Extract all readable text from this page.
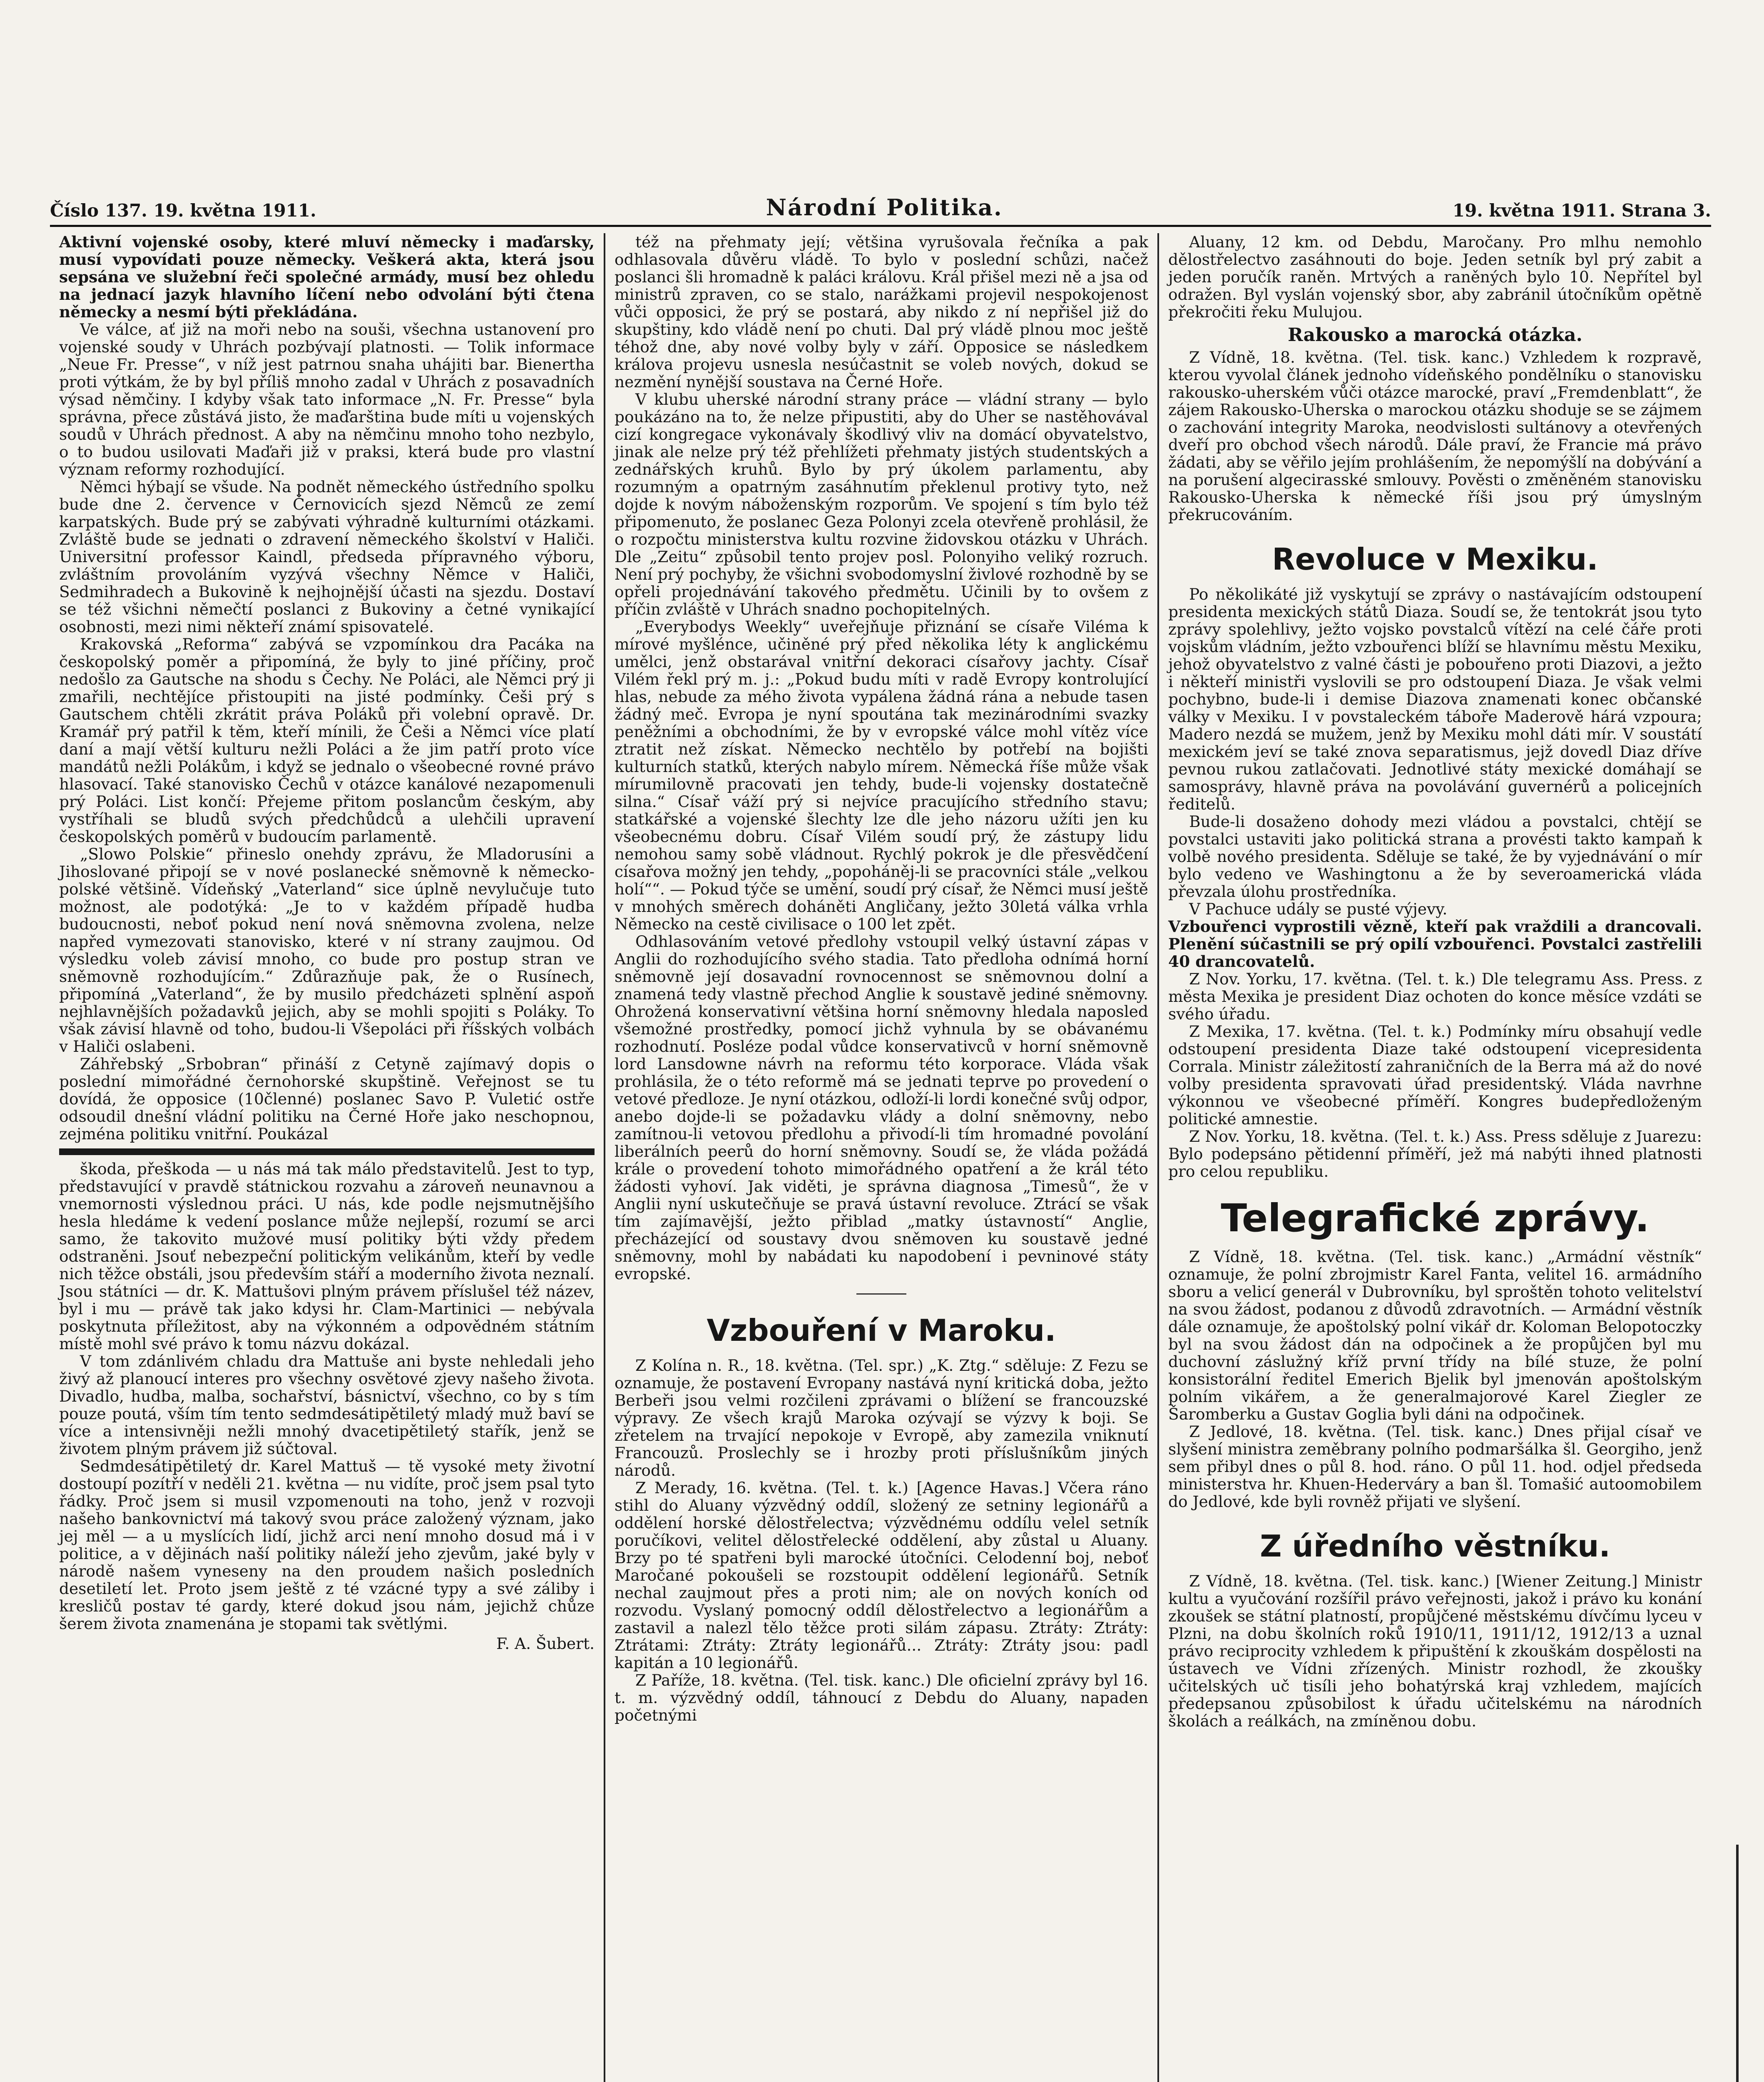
Číslo 137. 19. května 1911.	Národní Politika.	19. května 1911. Strana 3.

Aktivní vojenské osoby, které mluví německy i maďarsky, musí vypovídati pouze německy. Veškerá akta, která jsou sepsána ve služební řeči společné armády, musí bez ohledu na jednací jazyk hlavního líčení nebo odvolání býti čtena německy a nesmí býti překládána.

Ve válce, ať již na moři nebo na souši, všechna ustanovení pro vojenské soudy v Uhrách pozbývají platnosti. — Tolik informace „Neue Fr. Presse“, v níž jest patrnou snaha uhájiti bar. Bienertha proti výtkám, že by byl příliš mnoho zadal v Uhrách z posavadních výsad němčiny. I kdyby však tato informace „N. Fr. Presse“ byla správna, přece zůstává jisto, že maďarština bude míti u vojenských soudů v Uhrách přednost. A aby na němčinu mnoho toho nezbylo, o to budou usilovati Maďaři již v praksi, která bude pro vlastní význam reformy rozhodující.

Němci hýbají se všude. Na podnět německého ústředního spolku bude dne 2. července v Černovicích sjezd Němců ze zemí karpatských. Bude prý se zabývati výhradně kulturními otázkami. Zvláště bude se jednati o zdravení německého školství v Haliči. Universitní professor Kaindl, předseda přípravného výboru, zvláštním provoláním vyzývá všechny Němce v Haliči, Sedmihradech a Bukovině k nejhojnější účasti na sjezdu. Dostaví se též všichni němečtí poslanci z Bukoviny a četné vynikající osobnosti, mezi nimi někteří známí spisovatelé.

Krakovská „Reforma“ zabývá se vzpomínkou dra Pacáka na českopolský poměr a připomíná, že byly to jiné příčiny, proč nedošlo za Gautsche na shodu s Čechy. Ne Poláci, ale Němci prý ji zmařili, nechtějíce přistoupiti na jisté podmínky. Češi prý s Gautschem chtěli zkrátit práva Poláků při volební opravě. Dr. Kramář prý patřil k těm, kteří mínili, že Češi a Němci více platí daní a mají větší kulturu nežli Poláci a že jim patří proto více mandátů nežli Polákům, i když se jednalo o všeobecné rovné právo hlasovací. Také stanovisko Čechů v otázce kanálové nezapomenuli prý Poláci. List končí: Přejeme přitom poslancům českým, aby vystříhali se bludů svých předchůdců a ulehčili upravení českopolských poměrů v budoucím parlamentě.

„Slowo Polskie“ přineslo onehdy zprávu, že Mladorusíni a Jihoslované připojí se v nové poslanecké sněmovně k německo-polské většině. Vídeňský „Vaterland“ sice úplně nevylučuje tuto možnost, ale podotýká: „Je to v každém případě hudba budoucnosti, neboť pokud není nová sněmovna zvolena, nelze napřed vymezovati stanovisko, které v ní strany zaujmou. Od výsledku voleb závisí mnoho, co bude pro postup stran ve sněmovně rozhodujícím.“ Zdůrazňuje pak, že o Rusínech, připomíná „Vaterland“, že by musilo předcházeti splnění aspoň nejhlavnějších požadavků jejich, aby se mohli spojiti s Poláky. To však závisí hlavně od toho, budou-li Všepoláci při říšských volbách v Haliči oslabeni.

Záhřebský „Srbobran“ přináší z Cetyně zajímavý dopis o poslední mimořádné černohorské skupštině. Veřejnost se tu dovídá, že opposice (10členné) poslanec Savo P. Vuletić ostře odsoudil dnešní vládní politiku na Černé Hoře jako neschopnou, zejména politiku vnitřní. Poukázal

škoda, přeškoda — u nás má tak málo představitelů. Jest to typ, představující v pravdě státnickou rozvahu a zároveň neunavnou a vnemornosti výslednou práci. U nás, kde podle nejsmutnějšího hesla hledáme k vedení poslance může nejlepší, rozumí se arci samo, že takovito mužové musí politiky býti vždy předem odstraněni. Jsouť nebezpeční politickým velikánům, kteří by vedle nich těžce obstáli, jsou především stáří a moderního života neznalí. Jsou státníci — dr. K. Mattušovi plným právem příslušel též název, byl i mu — právě tak jako kdysi hr. Clam-Martinici — nebývala poskytnuta příležitost, aby na výkonném a odpovědném státním místě mohl své právo k tomu názvu dokázal.

V tom zdánlivém chladu dra Mattuše ani byste nehledali jeho živý až planoucí interes pro všechny osvětové zjevy našeho života. Divadlo, hudba, malba, sochařství, básnictví, všechno, co by s tím pouze poutá, vším tím tento sedmdesátipětiletý mladý muž baví se více a intensivněji nežli mnohý dvacetipětiletý stařík, jenž se životem plným právem již súčtoval.

Sedmdesátipětiletý dr. Karel Mattuš — tě vysoké mety životní dostoupí pozítří v neděli 21. května — nu vidíte, proč jsem psal tyto řádky. Proč jsem si musil vzpomenouti na toho, jenž v rozvoji našeho bankovnictví má takový svou práce založený význam, jako jej měl — a u myslících lidí, jichž arci není mnoho dosud má i v politice, a v dějinách naší politiky náleží jeho zjevům, jaké byly v národě našem vyneseny na den proudem našich posledních desetiletí let. Proto jsem ještě z té vzácné typy a své záliby i kresličů postav té gardy, které dokud jsou nám, jejichž chůze šerem života znamenána je stopami tak světlými.

F. A. Šubert.

též na přehmaty její; většina vyrušovala řečníka a pak odhlasovala důvěru vládě. To bylo v poslední schůzi, načež poslanci šli hromadně k paláci královu. Král přišel mezi ně a jsa od ministrů zpraven, co se stalo, narážkami projevil nespokojenost vůči opposici, že prý se postará, aby nikdo z ní nepřišel již do skupštiny, kdo vládě není po chuti. Dal prý vládě plnou moc ještě téhož dne, aby nové volby byly v září. Opposice se následkem králova projevu usnesla nesúčastnit se voleb nových, dokud se nezmění nynější soustava na Černé Hoře.

V klubu uherské národní strany práce — vládní strany — bylo poukázáno na to, že nelze připustiti, aby do Uher se nastěhovával cizí kongregace vykonávaly škodlivý vliv na domácí obyvatelstvo, jinak ale nelze prý též přehlížeti přehmaty jistých studentských a zednářských kruhů. Bylo by prý úkolem parlamentu, aby rozumným a opatrným zasáhnutím překlenul protivy tyto, než dojde k novým náboženským rozporům. Ve spojení s tím bylo též připomenuto, že poslanec Geza Polonyi zcela otevřeně prohlásil, že o rozpočtu ministerstva kultu rozvine židovskou otázku v Uhrách. Dle „Zeitu“ způsobil tento projev posl. Polonyiho veliký rozruch. Není prý pochyby, že všichni svobodomyslní živlové rozhodně by se opřeli projednávání takového předmětu. Učinili by to ovšem z příčin zvláště v Uhrách snadno pochopitelných.

„Everybodys Weekly“ uveřejňuje přiznání se císaře Viléma k mírové myšlénce, učiněné prý před několika léty k anglickému umělci, jenž obstarával vnitřní dekoraci císařovy jachty. Císař Vilém řekl prý m. j.: „Pokud budu míti v radě Evropy kontrolující hlas, nebude za mého života vypálena žádná rána a nebude tasen žádný meč. Evropa je nyní spoutána tak mezinárodními svazky peněžními a obchodními, že by v evropské válce mohl vítěz více ztratit než získat. Německo nechtělo by potřebí na bojišti kulturních statků, kterých nabylo mírem. Německá říše může však mírumilovně pracovati jen tehdy, bude-li vojensky dostatečně silna.“ Císař váží prý si nejvíce pracujícího středního stavu; statkářské a vojenské šlechty lze dle jeho názoru užíti jen ku všeobecnému dobru. Císař Vilém soudí prý, že zástupy lidu nemohou samy sobě vládnout. Rychlý pokrok je dle přesvědčení císařova možný jen tehdy, „popoháněj-li se pracovníci stále „velkou holí““. — Pokud týče se umění, soudí prý císař, že Němci musí ještě v mnohých směrech doháněti Angličany, ježto 30letá válka vrhla Německo na cestě civilisace o 100 let zpět.

Odhlasováním vetové předlohy vstoupil velký ústavní zápas v Anglii do rozhodujícího svého stadia. Tato předloha odnímá horní sněmovně její dosavadní rovnocennost se sněmovnou dolní a znamená tedy vlastně přechod Anglie k soustavě jediné sněmovny. Ohrožená konservativní většina horní sněmovny hledala naposled všemožné prostředky, pomocí jichž vyhnula by se obávanému rozhodnutí. Posléze podal vůdce konservativců v horní sněmovně lord Lansdowne návrh na reformu této korporace. Vláda však prohlásila, že o této reformě má se jednati teprve po provedení o vetové předloze. Je nyní otázkou, odloží-li lordi konečné svůj odpor, anebo dojde-li se požadavku vlády a dolní sněmovny, nebo zamítnou-li vetovou předlohu a přivodí-li tím hromadné povolání liberálních peerů do horní sněmovny. Soudí se, že vláda požádá krále o provedení tohoto mimořádného opatření a že král této žádosti vyhoví. Jak viděti, je správna diagnosa „Timesů“, že v Anglii nyní uskutečňuje se pravá ústavní revoluce. Ztrácí se však tím zajímavější, ježto přiblad „matky ústavností“ Anglie, přecházející od soustavy dvou sněmoven ku soustavě jedné sněmovny, mohl by nabádati ku napodobení i pevninové státy evropské.

Vzbouření v Maroku.

Z Kolína n. R., 18. května. (Tel. spr.) „K. Ztg.“ sděluje: Z Fezu se oznamuje, že postavení Evropany nastává nyní kritická doba, ježto Berbeři jsou velmi rozčileni zprávami o blížení se francouzské výpravy. Ze všech krajů Maroka ozývají se výzvy k boji. Se zřetelem na trvající nepokoje v Evropě, aby zamezila vniknutí Francouzů. Proslechly se i hrozby proti příslušníkům jiných národů.

Z Merady, 16. května. (Tel. t. k.) [Agence Havas.] Včera ráno stihl do Aluany výzvědný oddíl, složený ze setniny legionářů a oddělení horské dělostřelectva; výzvědnému oddílu velel setník poručíkovi, velitel dělostřelecké oddělení, aby zůstal u Aluany. Brzy po té spatřeni byli marocké útočníci. Celodenní boj, neboť Maročané pokoušeli se rozstoupit oddělení legionářů. Setník nechal zaujmout přes a proti nim; ale on nových koních od rozvodu. Vyslaný pomocný oddíl dělostřelectvo a legionářům a zastavil a nalezl tělo těžce proti silám zápasu. Ztráty: Ztráty: Ztrátami: Ztráty: Ztráty legionářů... Ztráty: Ztráty jsou: padl kapitán a 10 legionářů.

Z Paříže, 18. května. (Tel. tisk. kanc.) Dle oficielní zprávy byl 16. t. m. výzvědný oddíl, táhnoucí z Debdu do Aluany, napaden početnými

Aluany, 12 km. od Debdu, Maročany. Pro mlhu nemohlo dělostřelectvo zasáhnouti do boje. Jeden setník byl prý zabit a jeden poručík raněn. Mrtvých a raněných bylo 10. Nepřítel byl odražen. Byl vyslán vojenský sbor, aby zabránil útočníkům opětně překročiti řeku Mulujou.

Rakousko a marocká otázka.

Z Vídně, 18. května. (Tel. tisk. kanc.) Vzhledem k rozpravě, kterou vyvolal článek jednoho vídeňského pondělníku o stanovisku rakousko-uherském vůči otázce marocké, praví „Fremdenblatt“, že zájem Rakousko-Uherska o marockou otázku shoduje se se zájmem o zachování integrity Maroka, neodvislosti sultánovy a otevřených dveří pro obchod všech národů. Dále praví, že Francie má právo žádati, aby se věřilo jejím prohlášením, že nepomýšlí na dobývání a na porušení algecirasské smlouvy. Pověsti o změněném stanovisku Rakousko-Uherska k německé říši jsou prý úmyslným překrucováním.

Revoluce v Mexiku.

Po několikáté již vyskytují se zprávy o nastávajícím odstoupení presidenta mexických států Diaza. Soudí se, že tentokrát jsou tyto zprávy spolehlivy, ježto vojsko povstalců vítězí na celé čáře proti vojskům vládním, ježto vzbouřenci blíží se hlavnímu městu Mexiku, jehož obyvatelstvo z valné části je pobouřeno proti Diazovi, a ježto i někteří ministři vyslovili se pro odstoupení Diaza. Je však velmi pochybno, bude-li i demise Diazova znamenati konec občanské války v Mexiku. I v povstaleckém táboře Maderově hárá vzpoura; Madero nezdá se mužem, jenž by Mexiku mohl dáti mír. V soustátí mexickém jeví se také znova separatismus, jejž dovedl Diaz dříve pevnou rukou zatlačovati. Jednotlivé státy mexické domáhají se samosprávy, hlavně práva na povolávání guvernérů a policejních ředitelů.

Bude-li dosaženo dohody mezi vládou a povstalci, chtějí se povstalci ustaviti jako politická strana a provésti takto kampaň k volbě nového presidenta. Sděluje se také, že by vyjednávání o mír bylo vedeno ve Washingtonu a že by severoamerická vláda převzala úlohu prostředníka.

V Pachuce udály se pusté výjevy.

Vzbouřenci vyprostili vězně, kteří pak vraždili a drancovali. Plenění súčastnili se prý opilí vzbouřenci. Povstalci zastřelili 40 drancovatelů.

Z Nov. Yorku, 17. května. (Tel. t. k.) Dle telegramu Ass. Press. z města Mexika je president Diaz ochoten do konce měsíce vzdáti se svého úřadu.

Z Mexika, 17. května. (Tel. t. k.) Podmínky míru obsahují vedle odstoupení presidenta Diaze také odstoupení vicepresidenta Corrala. Ministr záležitostí zahraničních de la Berra má až do nové volby presidenta spravovati úřad presidentský. Vláda navrhne výkonnou ve všeobecné příměří. Kongres budepředloženým politické amnestie.

Z Nov. Yorku, 18. května. (Tel. t. k.) Ass. Press sděluje z Juarezu: Bylo podepsáno pětidenní příměří, jež má nabýti ihned platnosti pro celou republiku.

Telegrafické zprávy.

Z Vídně, 18. května. (Tel. tisk. kanc.) „Armádní věstník“ oznamuje, že polní zbrojmistr Karel Fanta, velitel 16. armádního sboru a velicí generál v Dubrovníku, byl sproštěn tohoto velitelství na svou žádost, podanou z důvodů zdravotních. — Armádní věstník dále oznamuje, že apoštolský polní vikář dr. Koloman Belopotoczky byl na svou žádost dán na odpočinek a že propůjčen byl mu duchovní záslužný kříž první třídy na bílé stuze, že polní konsistorální ředitel Emerich Bjelik byl jmenován apoštolským polním vikářem, a že generalmajorové Karel Ziegler ze Šaromberku a Gustav Goglia byli dáni na odpočinek.

Z Jedlové, 18. května. (Tel. tisk. kanc.) Dnes přijal císař ve slyšení ministra zeměbrany polního podmaršálka šl. Georgiho, jenž sem přibyl dnes o půl 8. hod. ráno. O půl 11. hod. odjel předseda ministerstva hr. Khuen-Hederváry a ban šl. Tomašić autoomobilem do Jedlové, kde byli rovněž přijati ve slyšení.

Z úředního věstníku.

Z Vídně, 18. května. (Tel. tisk. kanc.) [Wiener Zeitung.] Ministr kultu a vyučování rozšířil právo veřejnosti, jakož i právo ku konání zkoušek se státní platností, propůjčené městskému dívčímu lyceu v Plzni, na dobu školních roků 1910/11, 1911/12, 1912/13 a uznal právo reciprocity vzhledem k připuštění k zkouškám dospělosti na ústavech ve Vídni zřízených. Ministr rozhodl, že zkoušky učitelských uč tisíli jeho bohatýrská kraj vzhledem, majících předepsanou způsobilost k úřadu učitelskému na národních školách a reálkách, na zmíněnou dobu.
